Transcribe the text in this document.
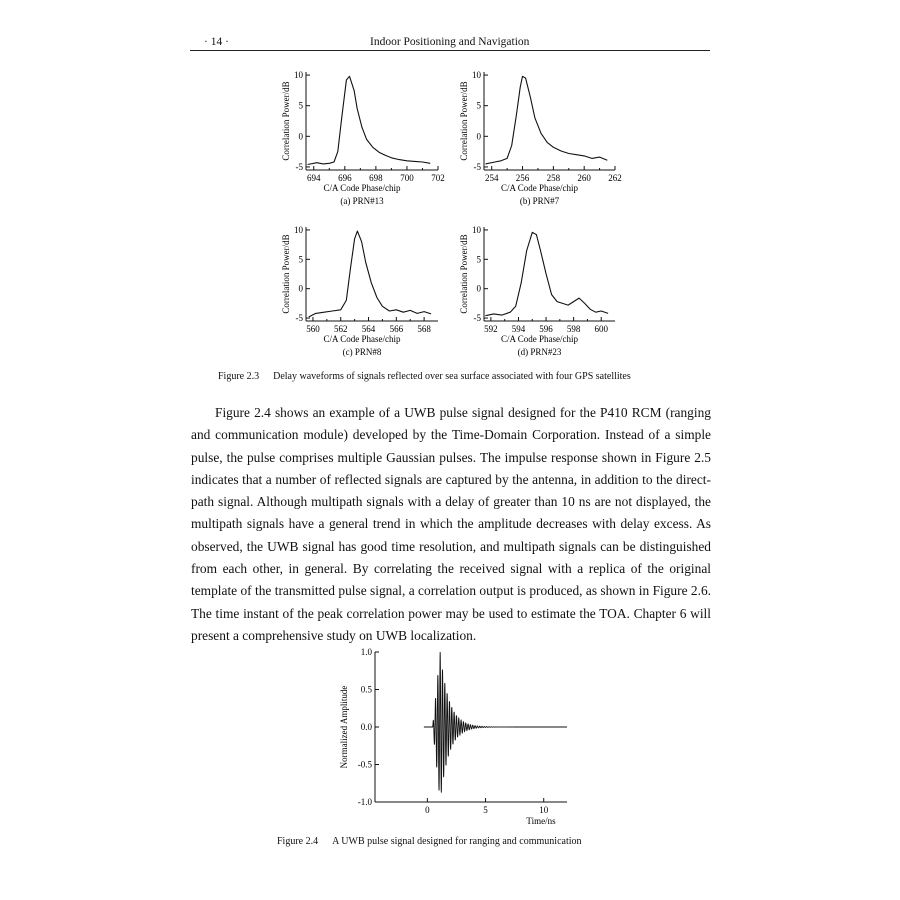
· 14 ·	Indoor Positioning and Navigation
10
5
0
-5
694 696 698 700 702
C/A Code Phase/chip
(a) PRN#13
Correlation Power/dB
10
5
0
-5
254 256 258 260 262
C/A Code Phase/chip
(b) PRN#7
Correlation Power/dB
10
5
0
-5
560 562 564 566 568
C/A Code Phase/chip
(c) PRN#8
Correlation Power/dB
10
5
0
-5
592 594 596 598 600
C/A Code Phase/chip
(d) PRN#23
Correlation Power/dB
1.0
0.5
0.0
-0.5
-1.0
0	5	10
Time/ns
Normalized Amplitude
Figure 2.3 Delay waveforms of signals reflected over sea surface associated with four GPS satellites

Figure 2.4 shows an example of a UWB pulse signal designed for the P410 RCM (ranging and communication module) developed by the Time-Domain Corporation. Instead of a simple pulse, the pulse comprises multiple Gaussian pulses. The impulse response shown in Figure 2.5 indicates that a number of reflected signals are captured by the antenna, in addition to the direct-path signal. Although multipath signals with a delay of greater than 10 ns are not displayed, the multipath signals have a general trend in which the amplitude decreases with delay excess. As observed, the UWB signal has good time resolution, and multipath signals can be distinguished from each other, in general. By correlating the received signal with a replica of the original template of the transmitted pulse signal, a correlation output is produced, as shown in Figure 2.6. The time instant of the peak correlation power may be used to estimate the TOA. Chapter 6 will present a comprehensive study on UWB localization.

Figure 2.4 A UWB pulse signal designed for ranging and communication
